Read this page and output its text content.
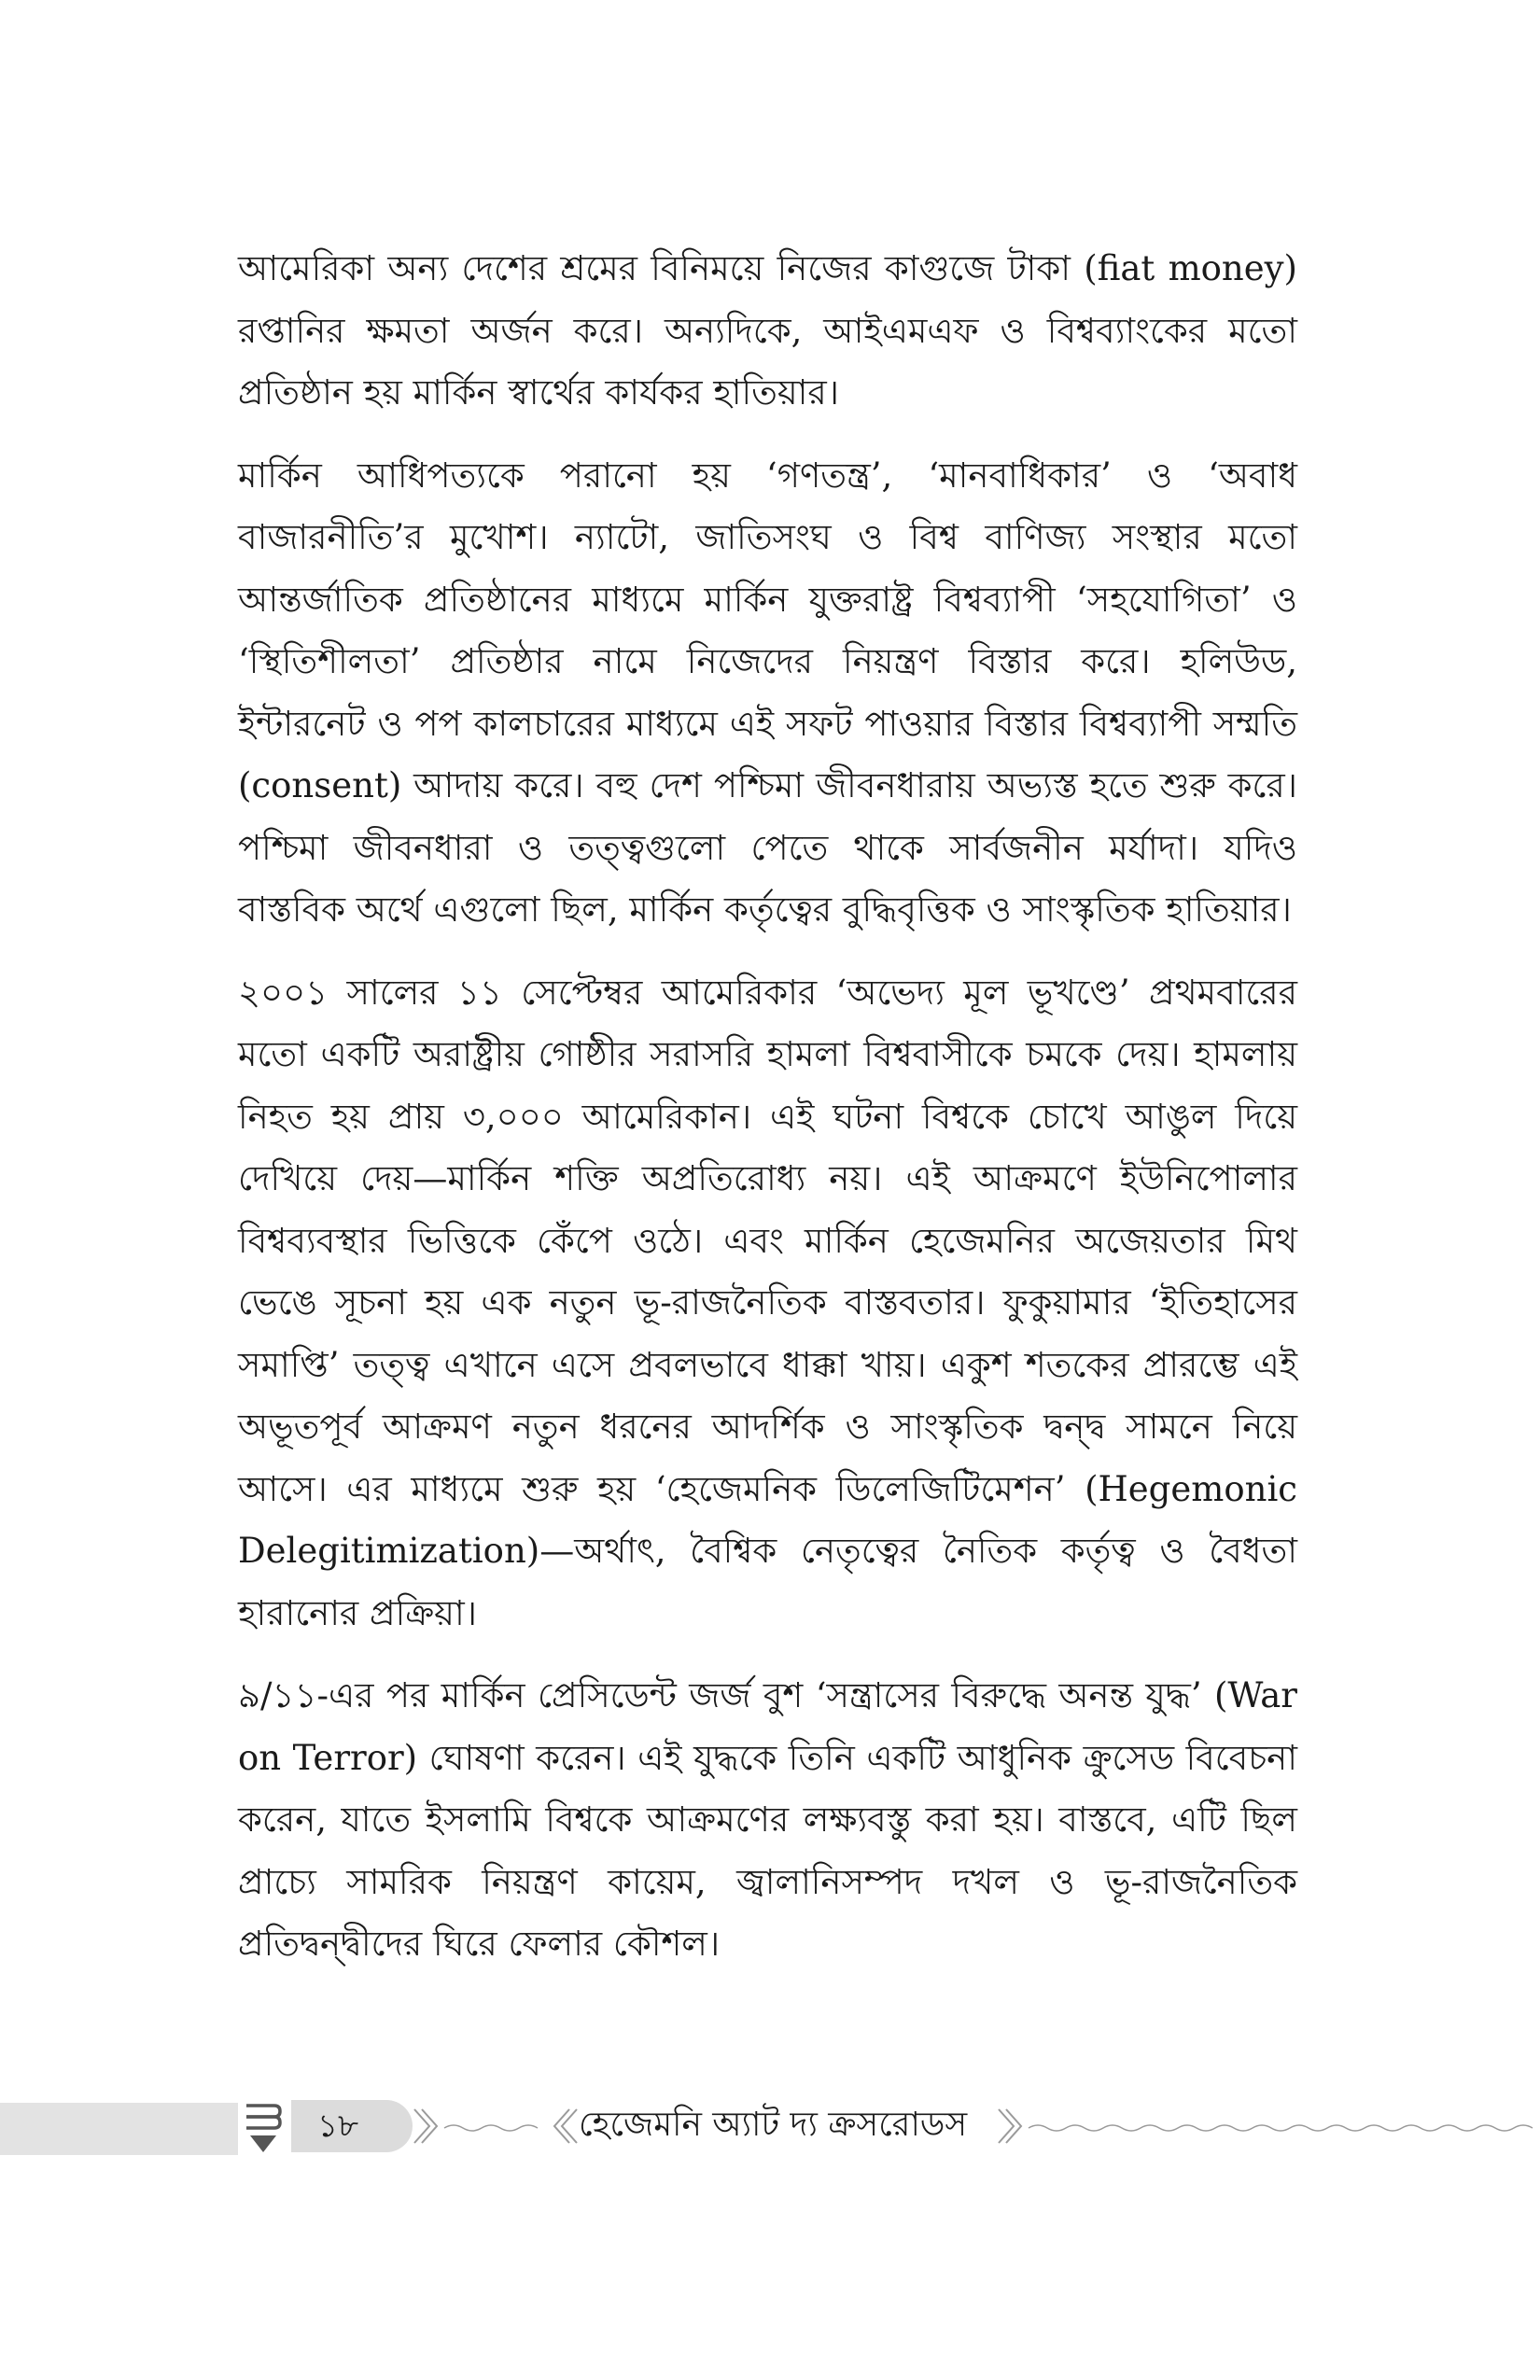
আমেরিকা অন্য দেশের শ্রমের বিনিময়ে নিজের কাগুজে টাকা (fiat money) রপ্তানির ক্ষমতা অর্জন করে। অন্যদিকে, আইএমএফ ও বিশ্বব্যাংকের মতো প্রতিষ্ঠান হয় মার্কিন স্বার্থের কার্যকর হাতিয়ার।

মার্কিন আধিপত্যকে পরানো হয় ‘গণতন্ত্র’, ‘মানবাধিকার’ ও ‘অবাধ বাজারনীতি’র মুখোশ। ন্যাটো, জাতিসংঘ ও বিশ্ব বাণিজ্য সংস্থার মতো আন্তর্জাতিক প্রতিষ্ঠানের মাধ্যমে মার্কিন যুক্তরাষ্ট্র বিশ্বব্যাপী ‘সহযোগিতা’ ও ‘স্থিতিশীলতা’ প্রতিষ্ঠার নামে নিজেদের নিয়ন্ত্রণ বিস্তার করে। হলিউড, ইন্টারনেট ও পপ কালচারের মাধ্যমে এই সফট পাওয়ার বিস্তার বিশ্বব্যাপী সম্মতি (consent) আদায় করে। বহু দেশ পশ্চিমা জীবনধারায় অভ্যস্ত হতে শুরু করে। পশ্চিমা জীবনধারা ও তত্ত্বগুলো পেতে থাকে সার্বজনীন মর্যাদা। যদিও বাস্তবিক অর্থে এগুলো ছিল, মার্কিন কর্তৃত্বের বুদ্ধিবৃত্তিক ও সাংস্কৃতিক হাতিয়ার।

২০০১ সালের ১১ সেপ্টেম্বর আমেরিকার ‘অভেদ্য মূল ভূখণ্ডে’ প্রথমবারের মতো একটি অরাষ্ট্রীয় গোষ্ঠীর সরাসরি হামলা বিশ্ববাসীকে চমকে দেয়। হামলায় নিহত হয় প্রায় ৩,০০০ আমেরিকান। এই ঘটনা বিশ্বকে চোখে আঙুল দিয়ে দেখিয়ে দেয়—মার্কিন শক্তি অপ্রতিরোধ্য নয়। এই আক্রমণে ইউনিপোলার বিশ্বব্যবস্থার ভিত্তিকে কেঁপে ওঠে। এবং মার্কিন হেজেমনির অজেয়তার মিথ ভেঙে সূচনা হয় এক নতুন ভূ-রাজনৈতিক বাস্তবতার। ফুকুয়ামার ‘ইতিহাসের সমাপ্তি’ তত্ত্ব এখানে এসে প্রবলভাবে ধাক্কা খায়। একুশ শতকের প্রারম্ভে এই অভূতপূর্ব আক্রমণ নতুন ধরনের আদর্শিক ও সাংস্কৃতিক দ্বন্দ্ব সামনে নিয়ে আসে। এর মাধ্যমে শুরু হয় ‘হেজেমনিক ডিলেজিটিমেশন’ (Hegemonic Delegitimization)—অর্থাৎ, বৈশ্বিক নেতৃত্বের নৈতিক কর্তৃত্ব ও বৈধতা হারানোর প্রক্রিয়া।

৯/১১-এর পর মার্কিন প্রেসিডেন্ট জর্জ বুশ ‘সন্ত্রাসের বিরুদ্ধে অনন্ত যুদ্ধ’ (War on Terror) ঘোষণা করেন। এই যুদ্ধকে তিনি একটি আধুনিক ক্রুসেড বিবেচনা করেন, যাতে ইসলামি বিশ্বকে আক্রমণের লক্ষ্যবস্তু করা হয়। বাস্তবে, এটি ছিল প্রাচ্যে সামরিক নিয়ন্ত্রণ কায়েম, জ্বালানিসম্পদ দখল ও ভূ-রাজনৈতিক প্রতিদ্বন্দ্বীদের ঘিরে ফেলার কৌশল।

১৮	হেজেমনি অ্যাট দ্য ক্রসরোডস
